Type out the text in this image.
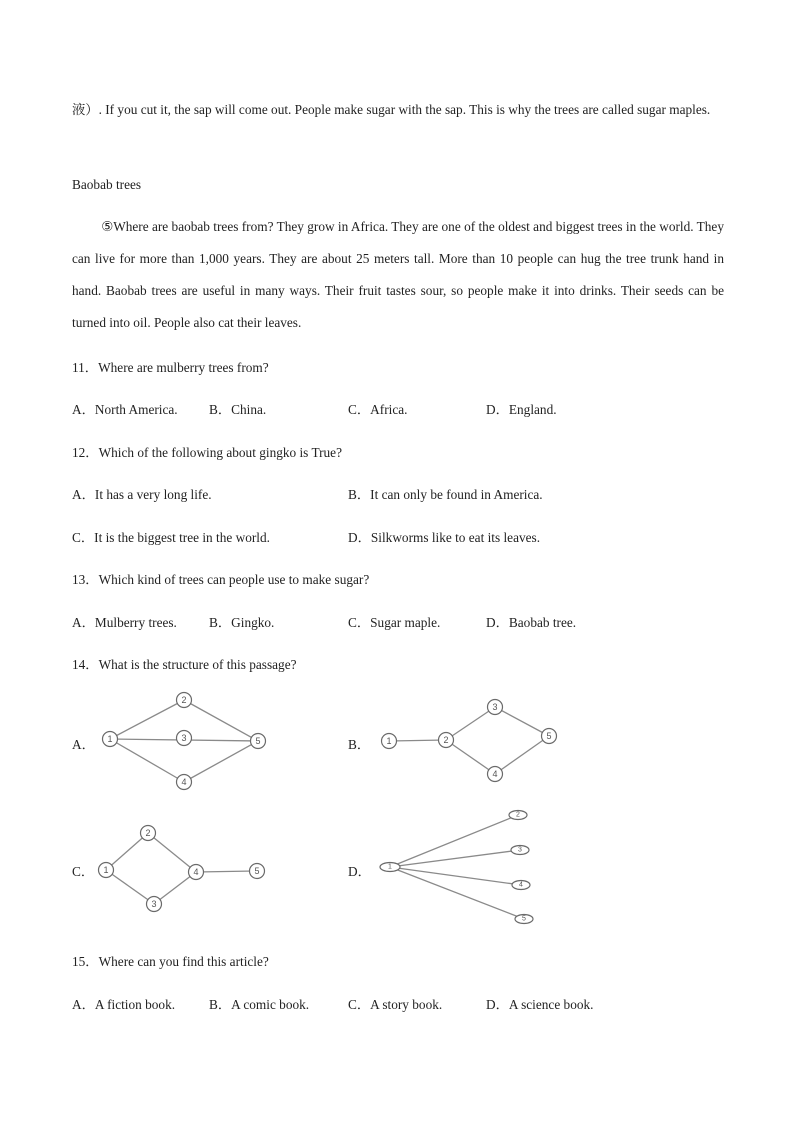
液）. If you cut it, the sap will come out. People make sugar with the sap. This is why the trees are called sugar maples.
Baobab trees
⑤Where are baobab trees from? They grow in Africa. They are one of the oldest and biggest trees in the world. They can live for more than 1,000 years. They are about 25 meters tall. More than 10 people can hug the tree trunk hand in hand. Baobab trees are useful in many ways. Their fruit tastes sour, so people make it into drinks. Their seeds can be turned into oil. People also cat their leaves.
11．Where are mulberry trees from?
A．North America. B．China.	C．Africa.	D．England.
12．Which of the following about gingko is True?
A．It has a very long life.	B．It can only be found in America.
C．It is the biggest tree in the world.	D．Silkworms like to eat its leaves.
13．Which kind of trees can people use to make sugar?
A．Mulberry trees. B．Gingko.	C．Sugar maple.	D．Baobab tree.
14．What is the structure of this passage?
A． 1
2
3
4
5	B． 1	2
3
4
5
C． 1
2
3
4	5	D． 1
2
3
4
5
15．Where can you find this article?
A．A fiction book.	B．A comic book.	C．A story book.	D．A science book.
